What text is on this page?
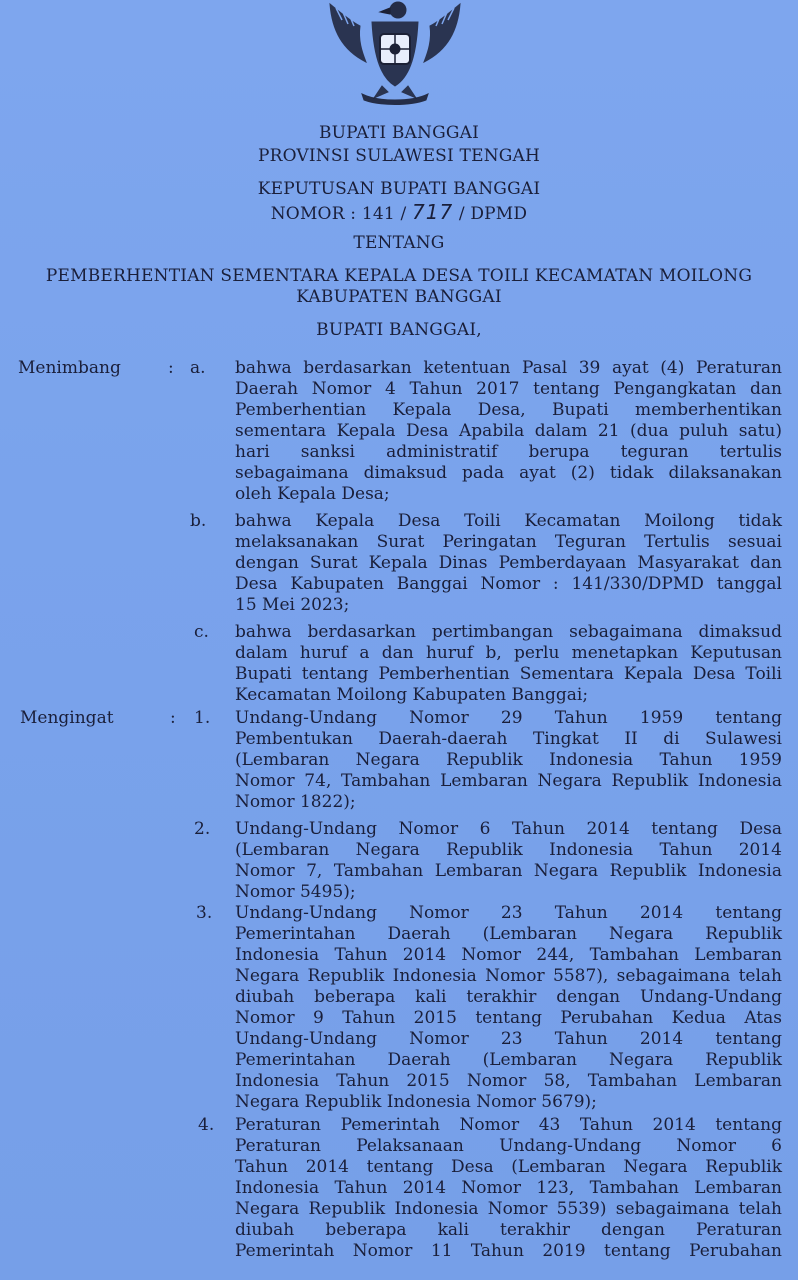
BUPATI BANGGAI
PROVINSI SULAWESI TENGAH
KEPUTUSAN BUPATI BANGGAI
NOMOR : 141 / 717 / DPMD
TENTANG
PEMBERHENTIAN SEMENTARA KEPALA DESA TOILI KECAMATAN MOILONG
KABUPATEN BANGGAI
BUPATI BANGGAI,
Menimbang	: a. bahwa berdasarkan ketentuan Pasal 39 ayat (4) Peraturan
Daerah Nomor 4 Tahun 2017 tentang Pengangkatan dan
Pemberhentian Kepala Desa, Bupati memberhentikan
sementara Kepala Desa Apabila dalam 21 (dua puluh satu)
hari sanksi administratif berupa teguran tertulis
sebagaimana dimaksud pada ayat (2) tidak dilaksanakan
oleh Kepala Desa;
b. bahwa Kepala Desa Toili Kecamatan Moilong tidak
melaksanakan Surat Peringatan Teguran Tertulis sesuai
dengan Surat Kepala Dinas Pemberdayaan Masyarakat dan
Desa Kabupaten Banggai Nomor : 141/330/DPMD tanggal
15 Mei 2023;
c. bahwa berdasarkan pertimbangan sebagaimana dimaksud
dalam huruf a dan huruf b, perlu menetapkan Keputusan
Bupati tentang Pemberhentian Sementara Kepala Desa Toili
Kecamatan Moilong Kabupaten Banggai;
Mengingat	: 1. Undang-Undang Nomor 29 Tahun 1959 tentang
Pembentukan Daerah-daerah Tingkat II di Sulawesi
(Lembaran Negara Republik Indonesia Tahun 1959
Nomor 74, Tambahan Lembaran Negara Republik Indonesia
Nomor 1822);
2. Undang-Undang Nomor 6 Tahun 2014 tentang Desa
(Lembaran Negara Republik Indonesia Tahun 2014
Nomor 7, Tambahan Lembaran Negara Republik Indonesia
Nomor 5495);
3. Undang-Undang Nomor 23 Tahun 2014 tentang
Pemerintahan Daerah (Lembaran Negara Republik
Indonesia Tahun 2014 Nomor 244, Tambahan Lembaran
Negara Republik Indonesia Nomor 5587), sebagaimana telah
diubah beberapa kali terakhir dengan Undang-Undang
Nomor 9 Tahun 2015 tentang Perubahan Kedua Atas
Undang-Undang Nomor 23 Tahun 2014 tentang
Pemerintahan Daerah (Lembaran Negara Republik
Indonesia Tahun 2015 Nomor 58, Tambahan Lembaran
Negara Republik Indonesia Nomor 5679);
4. Peraturan Pemerintah Nomor 43 Tahun 2014 tentang
Peraturan Pelaksanaan Undang-Undang Nomor 6
Tahun 2014 tentang Desa (Lembaran Negara Republik
Indonesia Tahun 2014 Nomor 123, Tambahan Lembaran
Negara Republik Indonesia Nomor 5539) sebagaimana telah
diubah beberapa kali terakhir dengan Peraturan
Pemerintah Nomor 11 Tahun 2019 tentang Perubahan
